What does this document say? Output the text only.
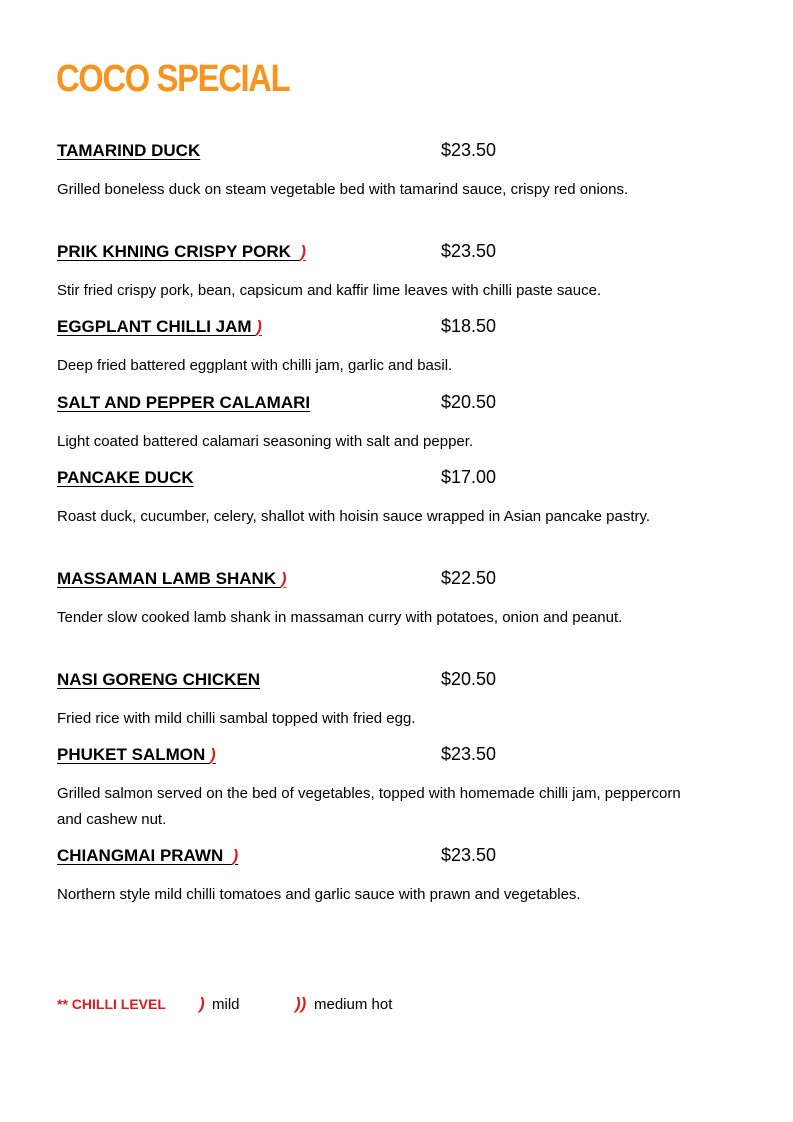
COCO SPECIAL
TAMARIND DUCK	$23.50
Grilled boneless duck on steam vegetable bed with tamarind sauce, crispy red onions.
PRIK KHNING CRISPY PORK  )	$23.50
Stir fried crispy pork, bean, capsicum and kaffir lime leaves with chilli paste sauce.
EGGPLANT CHILLI JAM )	$18.50
Deep fried battered eggplant with chilli jam, garlic and basil.
SALT AND PEPPER CALAMARI	$20.50
Light coated battered calamari seasoning with salt and pepper.
PANCAKE DUCK	$17.00
Roast duck, cucumber, celery, shallot with hoisin sauce wrapped in Asian pancake pastry.
MASSAMAN LAMB SHANK )	$22.50
Tender slow cooked lamb shank in massaman curry with potatoes, onion and peanut.
NASI GORENG CHICKEN	$20.50
Fried rice with mild chilli sambal topped with fried egg.
PHUKET SALMON )	$23.50
Grilled salmon served on the bed of vegetables, topped with homemade chilli jam, peppercorn and cashew nut.
CHIANGMAI PRAWN )	$23.50
Northern style mild chilli tomatoes and garlic sauce with prawn and vegetables.
** CHILLI LEVEL ) mild	)) medium hot
